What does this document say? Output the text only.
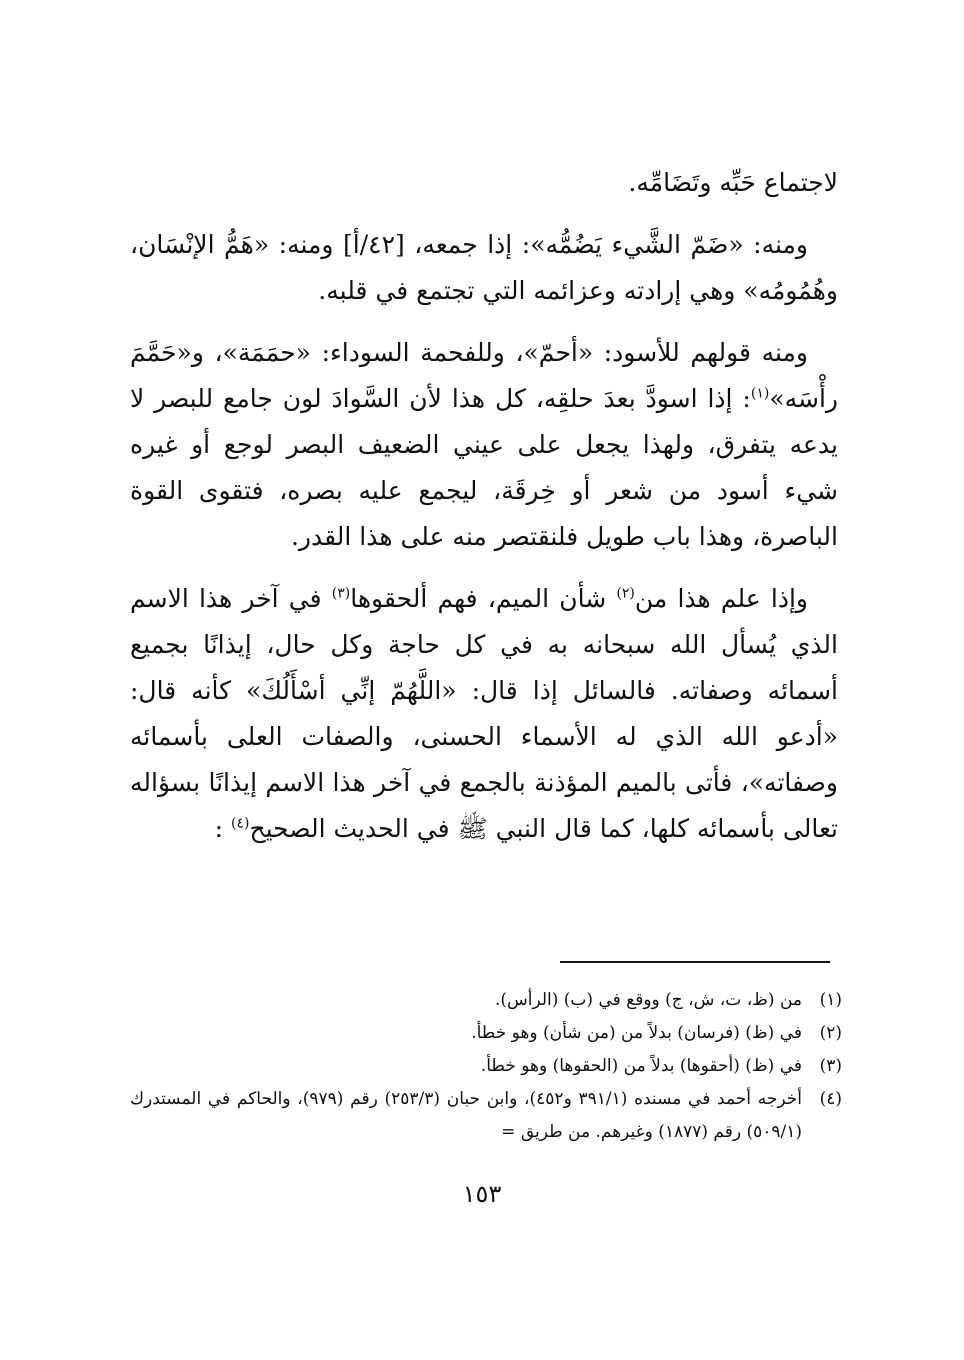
لاجتماع حَبِّه وتَضَامِّه.

ومنه: «ضَمّ الشَّيء يَضُمُّه»: إذا جمعه، [٤٢/أ] ومنه: «هَمُّ الإنْسَان، وهُمُومُه» وهي إرادته وعزائمه التي تجتمع في قلبه.

ومنه قولهم للأسود: «أحمّ»، وللفحمة السوداء: «حمَمَة»، و«حَمَّمَ رأْسَه»$^{(١)}$: إذا اسودَّ بعدَ حلقِه، كل هذا لأن السَّوادَ لون جامع للبصر لا يدعه يتفرق، ولهذا يجعل على عيني الضعيف البصر لوجع أو غيره شيء أسود من شعر أو خِرقَة، ليجمع عليه بصره، فتقوى القوة الباصرة، وهذا باب طويل فلنقتصر منه على هذا القدر.

وإذا علم هذا من$^{(٢)}$ شأن الميم، فهم ألحقوها$^{(٣)}$ في آخر هذا الاسم الذي يُسأل الله سبحانه به في كل حاجة وكل حال، إيذانًا بجميع أسمائه وصفاته. فالسائل إذا قال: «اللَّهُمّ إنِّي أسْأَلُكَ» كأنه قال: «أدعو الله الذي له الأسماء الحسنى، والصفات العلى بأسمائه وصفاته»، فأتى بالميم المؤذنة بالجمع في آخر هذا الاسم إيذانًا بسؤاله تعالى بأسمائه كلها، كما قال النبي ﷺ في الحديث الصحيح$^{(٤)}$ :

(١)
من (ظ، ت، ش، ج) ووقع في (ب) (الرأس).
(٢)
في (ظ) (فرسان) بدلاً من (من شأن) وهو خطأ.
(٣)
في (ظ) (أحقوها) بدلاً من (الحقوها) وهو خطأ.
(٤)
أخرجه أحمد في مسنده (٣٩١/١ و٤٥٢)، وابن حبان (٢٥٣/٣) رقم (٩٧٩)، والحاكم في المستدرك (٥٠٩/١) رقم (١٨٧٧) وغيرهم. من طريق =
١٥٣
